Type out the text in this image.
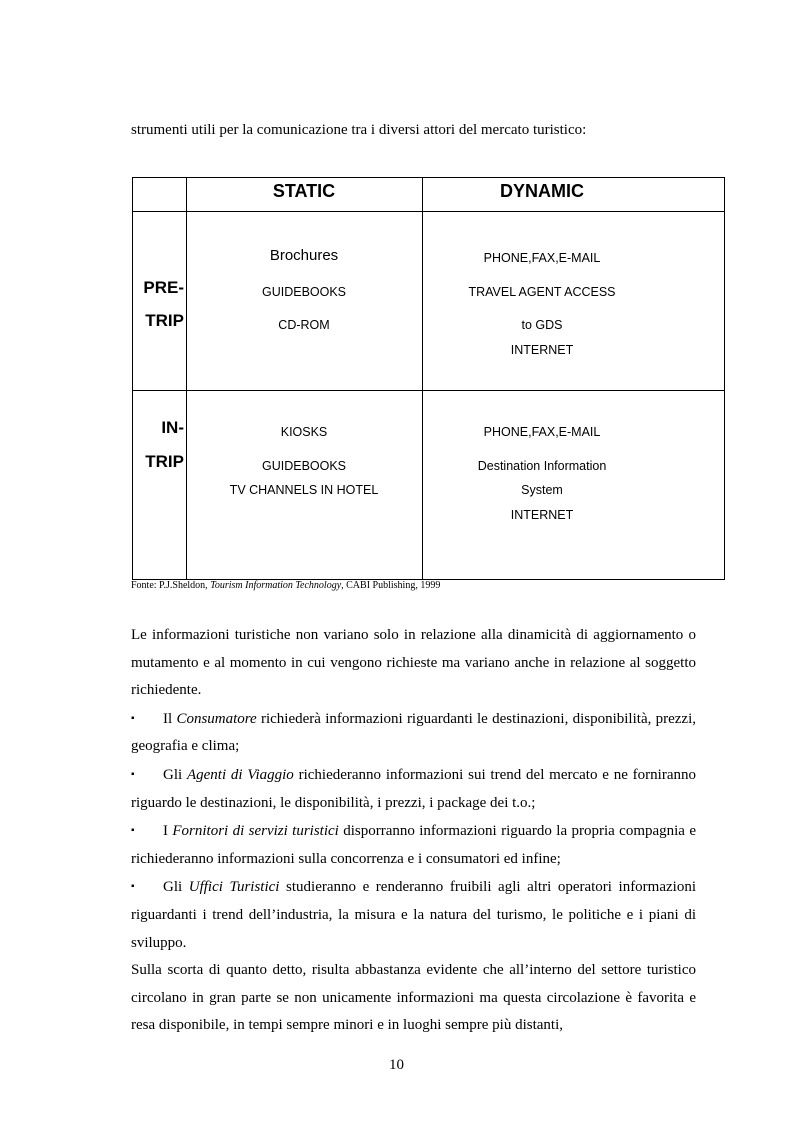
strumenti utili per la comunicazione tra i diversi attori del mercato turistico:
STATIC	DYNAMIC
PRE-
TRIP
Brochures
GUIDEBOOKS
CD-ROM
PHONE,FAX,E-MAIL
TRAVEL AGENT ACCESS
to GDS
INTERNET
IN-
TRIP
KIOSKS
GUIDEBOOKS
TV CHANNELS IN HOTEL
PHONE,FAX,E-MAIL
Destination Information
System
INTERNET
Fonte: P.J.Sheldon, Tourism Information Technology, CABI Publishing, 1999

Le informazioni turistiche non variano solo in relazione alla dinamicità di aggiornamento o mutamento e al momento in cui vengono richieste ma variano anche in relazione al soggetto richiedente.

▪ Il Consumatore richiederà informazioni riguardanti le destinazioni, disponibilità, prezzi, geografia e clima;

▪ Gli Agenti di Viaggio richiederanno informazioni sui trend del mercato e ne forniranno riguardo le destinazioni, le disponibilità, i prezzi, i package dei t.o.;

▪ I Fornitori di servizi turistici disporranno informazioni riguardo la propria compagnia e richiederanno informazioni sulla concorrenza e i consumatori ed infine;

▪ Gli Uffici Turistici studieranno e renderanno fruibili agli altri operatori informazioni riguardanti i trend dell’industria, la misura e la natura del turismo, le politiche e i piani di sviluppo.

Sulla scorta di quanto detto, risulta abbastanza evidente che all’interno del settore turistico circolano in gran parte se non unicamente informazioni ma questa circolazione è favorita e resa disponibile, in tempi sempre minori e in luoghi sempre più distanti,

10
